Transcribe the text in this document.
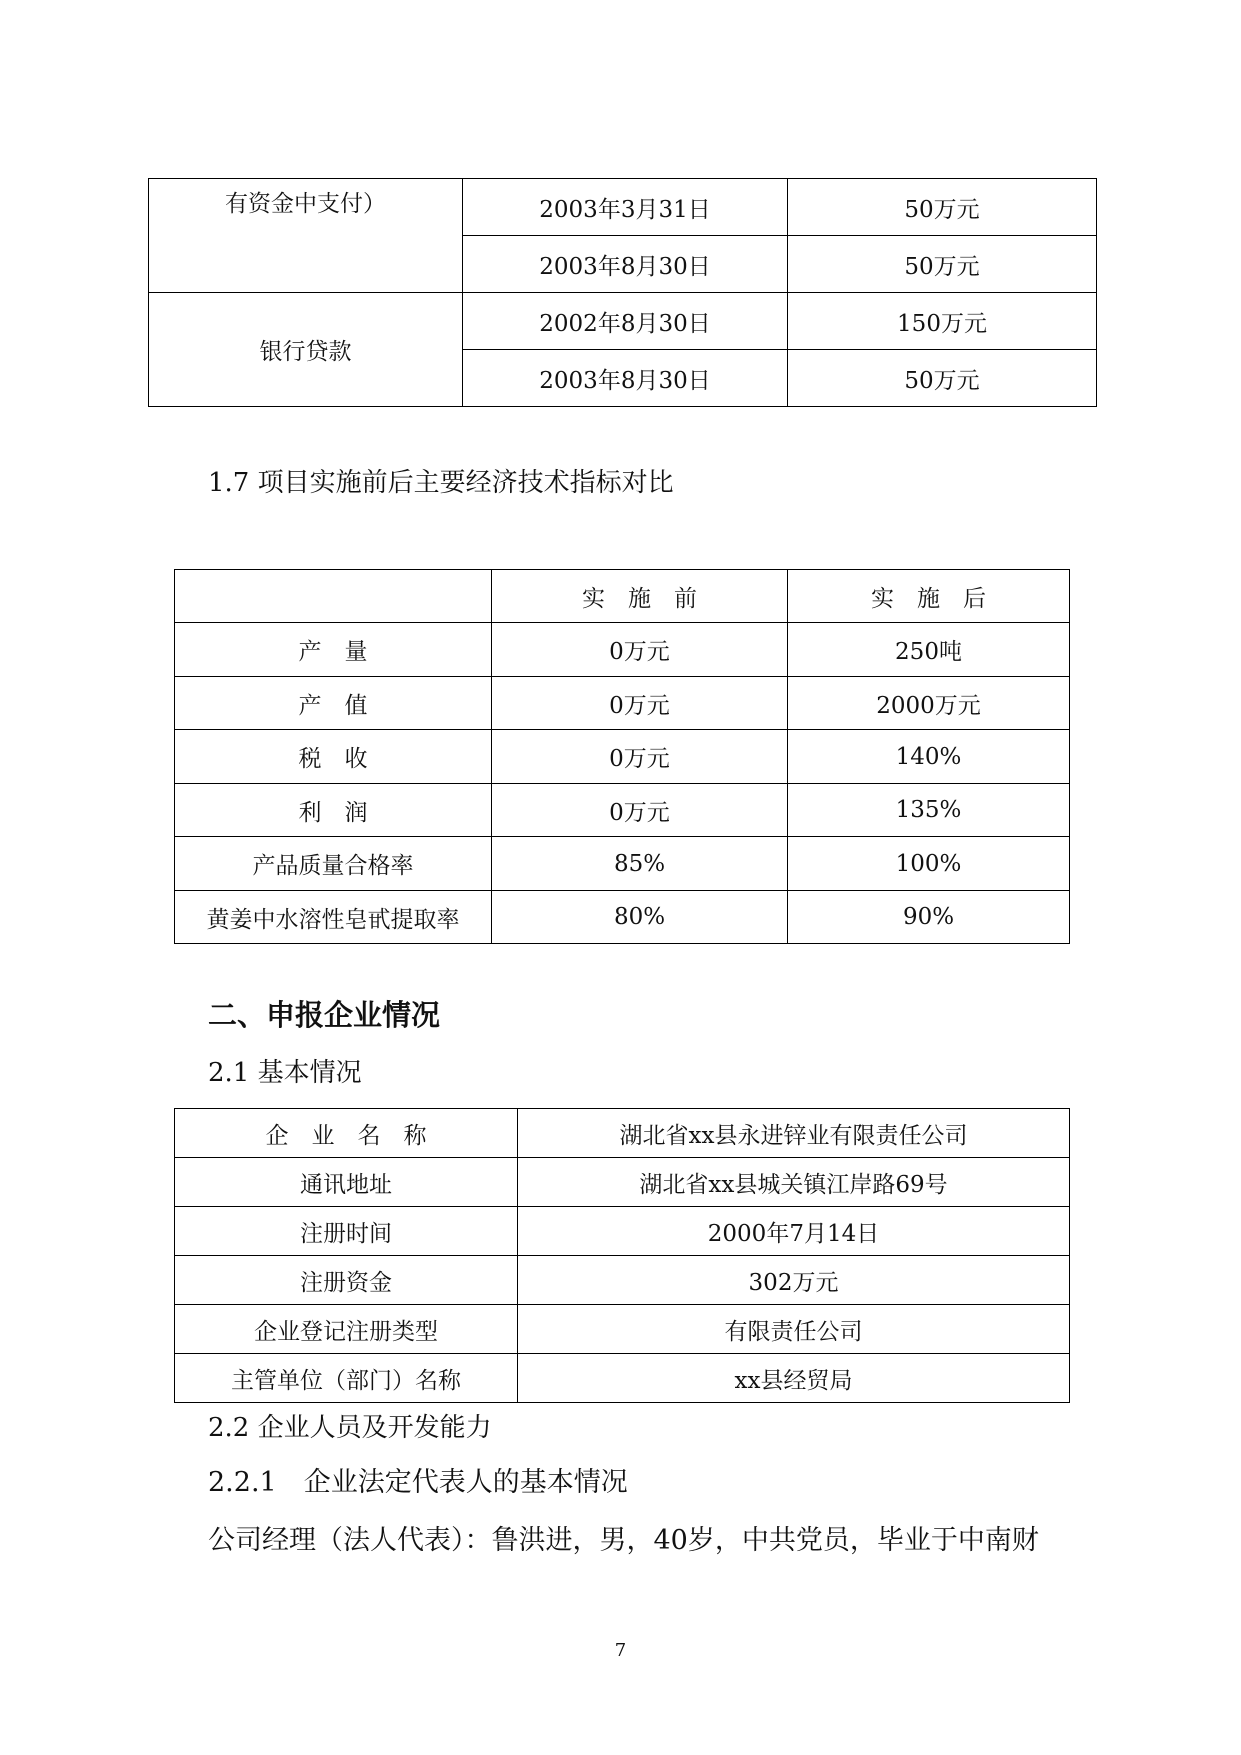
有资金中支付）	2003年3月31日	50万元
	2003年8月30日	50万元
银行贷款	2002年8月30日	150万元
	2003年8月30日	50万元
1.7 项目实施前后主要经济技术指标对比
	实　施　前	实　施　后
产　量	0万元	250吨
产　值	0万元	2000万元
税　收	0万元	140%
利　润	0万元	135%
产品质量合格率	85%	100%
黄姜中水溶性皂甙提取率	80%	90%
二、申报企业情况
2.1 基本情况
企　业　名　称	湖北省xx县永进锌业有限责任公司
通讯地址	湖北省xx县城关镇江岸路69号
注册时间	2000年7月14日
注册资金	302万元
企业登记注册类型	有限责任公司
主管单位（部门）名称	xx县经贸局
2.2 企业人员及开发能力
2.2.1　企业法定代表人的基本情况
公司经理（法人代表）：鲁洪进，男，40岁，中共党员，毕业于中南财
7
